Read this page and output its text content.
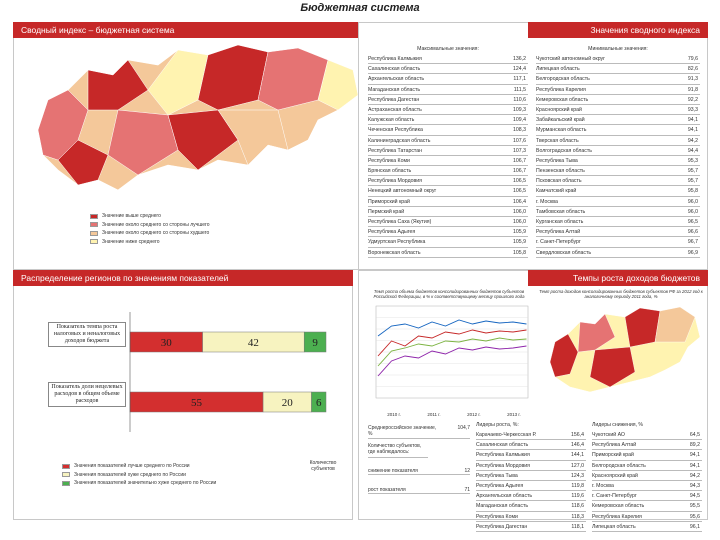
Бюджетная система
Сводный индекс – бюджетная система
Значение выше среднего
Значение около среднего со стороны лучшего
Значение около среднего со стороны худшего
Значение ниже среднего
Значения сводного индекса
Максимальные значения:
Республика Калмыкия	136,2
Сахалинская область	124,4
Архангельская область	117,1
Магаданская область	111,5
Республика Дагестан	110,6
Астраханская область	109,3
Калужская область	109,4
Чеченская Республика	108,3
Калининградская область	107,6
Республика Татарстан	107,3
Республика Коми	106,7
Брянская область	106,7
Республика Мордовия	106,5
Ненецкий автономный округ	106,5
Приморский край	106,4
Пермский край	106,0
Республика Саха (Якутия)	106,0
Республика Адыгея	105,9
Удмуртская Республика	105,9
Воронежская область	105,8
Минимальные значения:
Чукотский автономный округ	79,6
Липецкая область	82,6
Белгородская область	91,3
Республика Карелия	91,8
Кемеровская область	92,2
Красноярский край	93,3
Забайкальский край	94,1
Мурманская область	94,1
Тверская область	94,2
Волгоградская область	94,4
Республика Тыва	95,3
Пензенская область	95,7
Псковская область	95,7
Камчатский край	95,8
г. Москва	96,0
Тамбовская область	96,0
Курганская область	96,5
Республика Алтай	96,6
г. Санкт-Петербург	96,7
Свердловская область	96,9
Распределение регионов по значениям показателей
Показатель темпа роста налоговых и неналоговых доходов бюджета	30	42	9
Показатель доли нецелевых расходов в общем объеме расходов	55	20 6
Значения показателей лучше среднего по России
Значения показателей хуже среднего по России
Значения показателей значительно хуже среднего по России
Количество субъектов
Темпы роста доходов бюджетов
Темп роста объема бюджетов консолидированных бюджетов субъектов Российской Федерации, в % к соответствующему месяцу прошлого года
2010 г.	2011 г.	2012 г.	2013 г.
Темп роста доходов консолидированных бюджетов субъектов РФ за 2012 год к аналогичному периоду 2011 года, %
Среднероссийское значение, %
104,7
Количество субъектов, где наблюдалось:
снижение показателя	12
рост показателя	71
Лидеры роста, %:
Карачаево-Черкесская Р.	156,4
Сахалинская область	146,4
Республика Калмыкия	144,1
Республика Мордовия	127,0
Республика Тыва	124,3
Республика Адыгея	119,8
Архангельская область	119,6
Магаданская область	118,6
Республика Коми	118,3
Республика Дагестан	118,1
Лидеры снижения, %
Чукотский АО	64,5
Республика Алтай	89,2
Приморский край	94,1
Белгородская область	94,1
Красноярский край	94,2
г. Москва	94,3
г. Санкт-Петербург	94,5
Кемеровская область	95,5
Республика Карелия	95,6
Липецкая область	96,1
